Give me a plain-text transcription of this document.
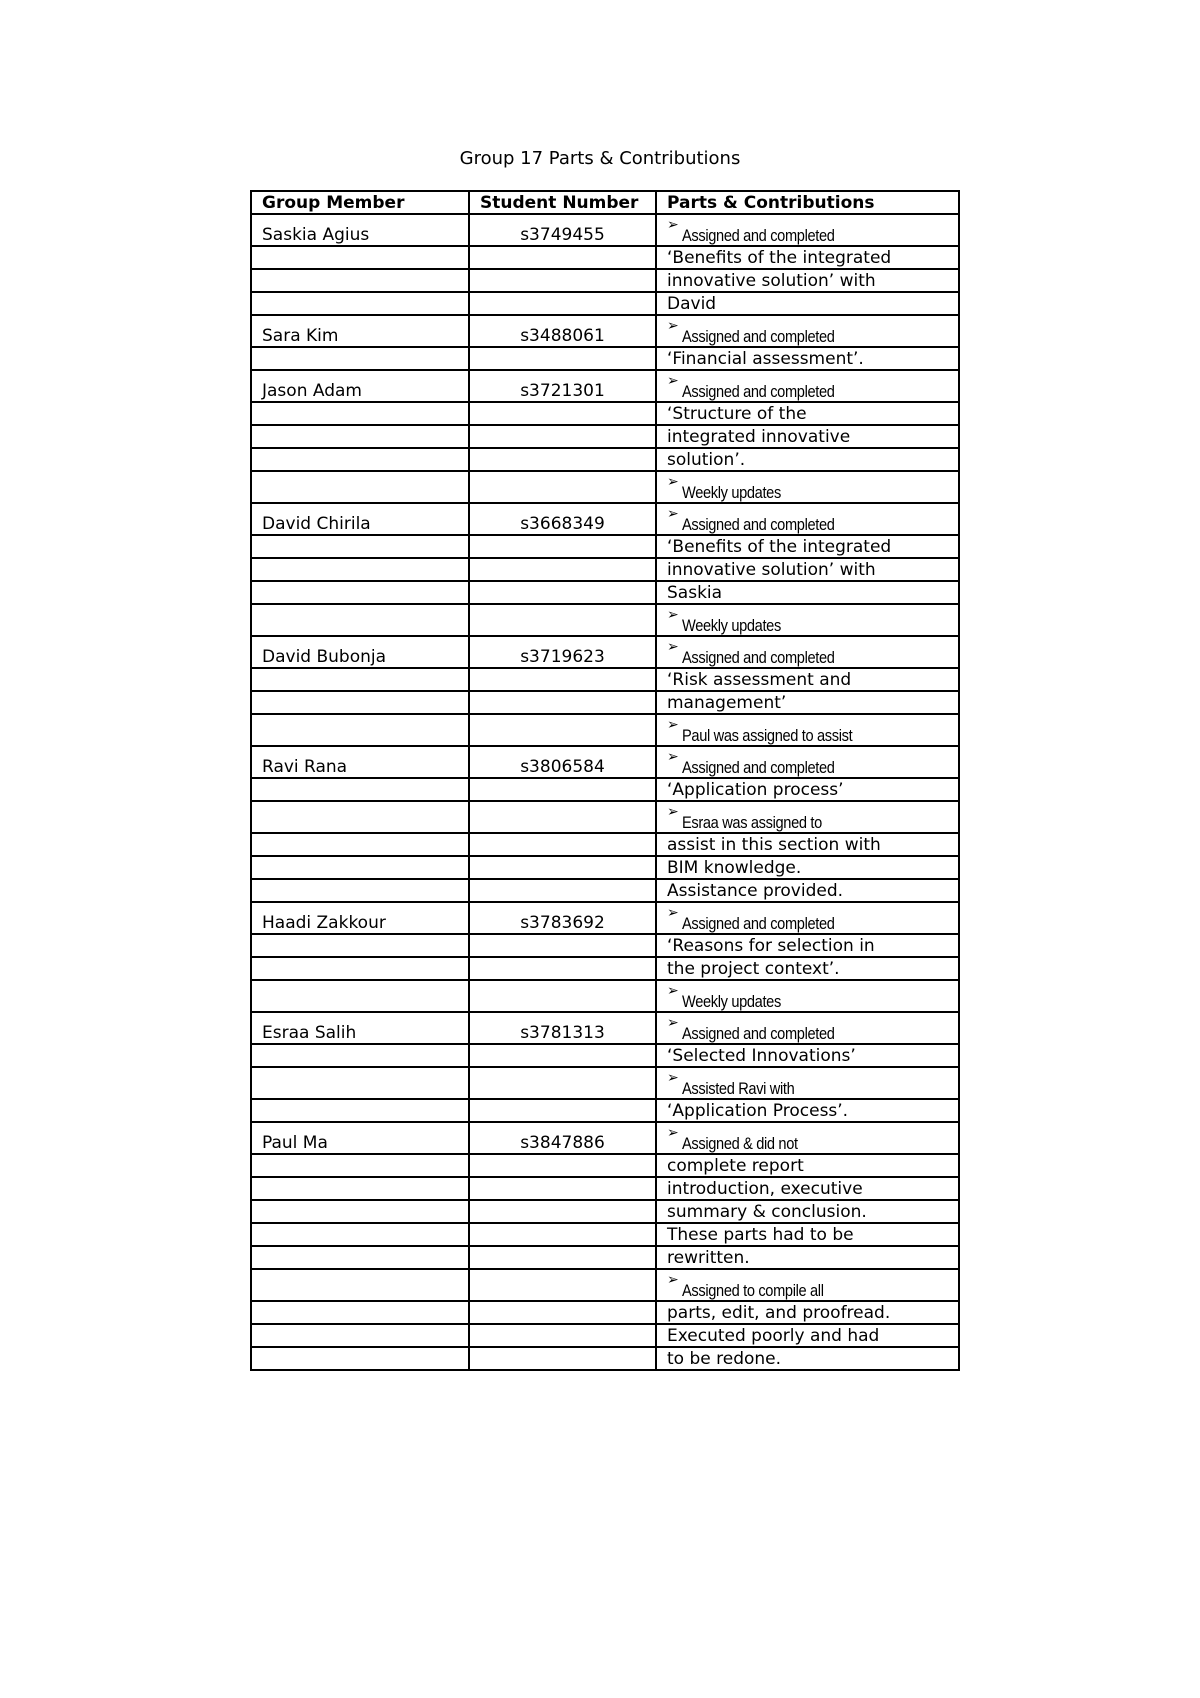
Group 17 Parts & Contributions
Group Member	Student Number	Parts & Contributions
Saskia Agius	s3749455	➢Assigned and completed
		‘Benefits of the integrated
		innovative solution’ with
		David
Sara Kim	s3488061	➢Assigned and completed
		‘Financial assessment’.
Jason Adam	s3721301	➢Assigned and completed
		‘Structure of the
		integrated innovative
		solution’.
		➢Weekly updates
David Chirila	s3668349	➢Assigned and completed
		‘Benefits of the integrated
		innovative solution’ with
		Saskia
		➢Weekly updates
David Bubonja	s3719623	➢Assigned and completed
		‘Risk assessment and
		management’
		➢Paul was assigned to assist
Ravi Rana	s3806584	➢Assigned and completed
		‘Application process’
		➢Esraa was assigned to
		assist in this section with
		BIM knowledge.
		Assistance provided.
Haadi Zakkour	s3783692	➢Assigned and completed
		‘Reasons for selection in
		the project context’.
		➢Weekly updates
Esraa Salih	s3781313	➢Assigned and completed
		‘Selected Innovations’
		➢Assisted Ravi with
		‘Application Process’.
Paul Ma	s3847886	➢Assigned & did not
		complete report
		introduction, executive
		summary & conclusion.
		These parts had to be
		rewritten.
		➢Assigned to compile all
		parts, edit, and proofread.
		Executed poorly and had
		to be redone.
